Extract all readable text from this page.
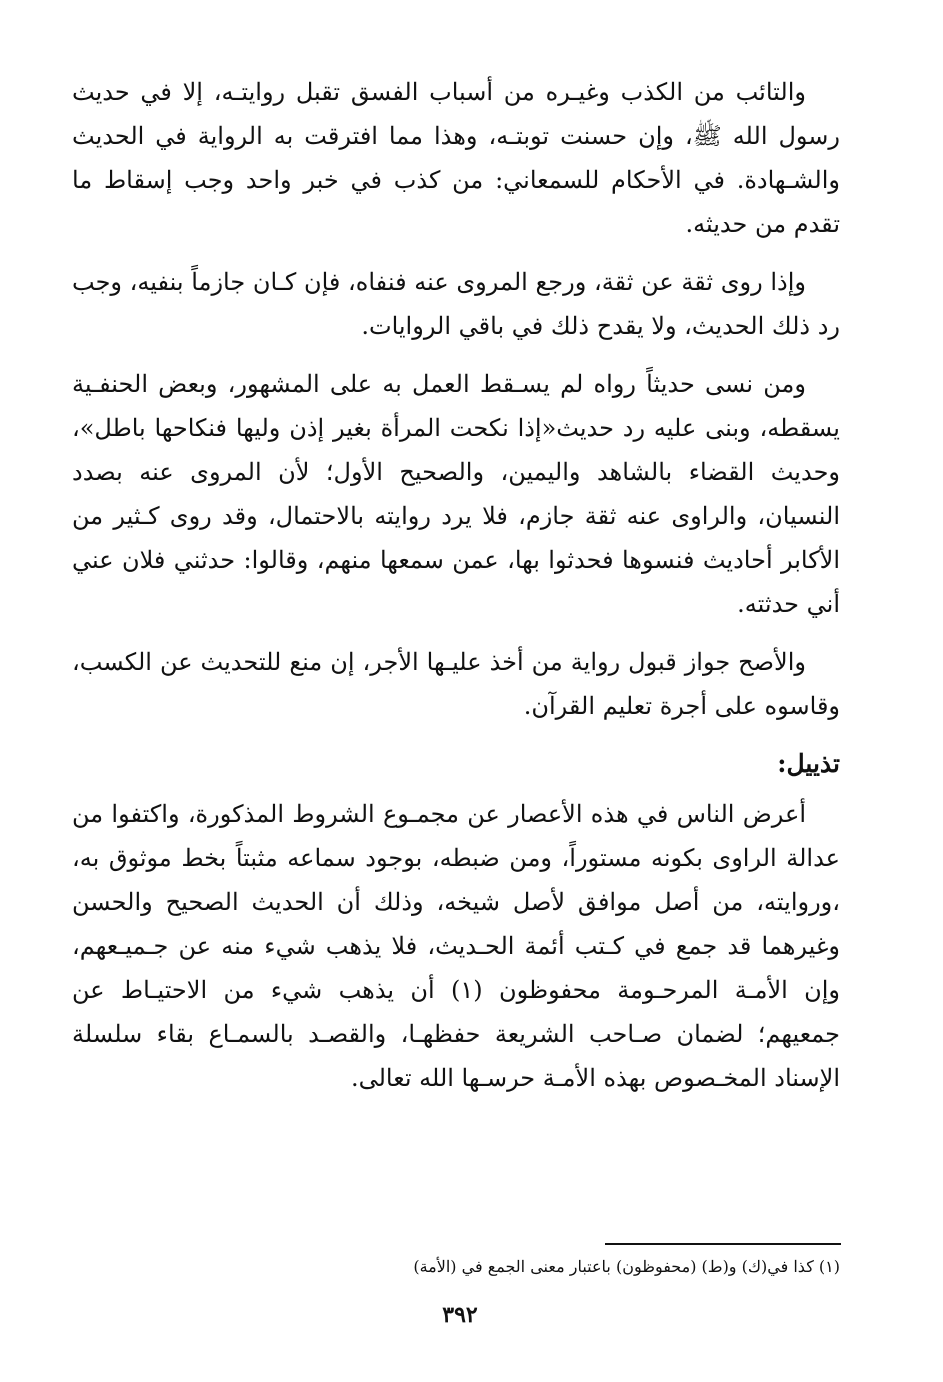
والتائب من الكذب وغيـره من أسباب الفسق تقبل روايتـه، إلا في حديث رسول الله ﷺ، وإن حسنت توبتـه، وهذا مما افترقت به الرواية في الحديث والشـهادة. في الأحكام للسمعاني: من كذب في خبر واحد وجب إسقاط ما تقدم من حديثه.

وإذا روى ثقة عن ثقة، ورجع المروى عنه فنفاه، فإن كـان جازماً بنفيه، وجب رد ذلك الحديث، ولا يقدح ذلك في باقي الروايات.

ومن نسى حديثاً رواه لم يسـقط العمل به على المشهور، وبعض الحنفـية يسقطه، وبنى عليه رد حديث«إذا نكحت المرأة بغير إذن وليها فنكاحها باطل»، وحديث القضاء بالشاهد واليمين، والصحيح الأول؛ لأن المروى عنه بصدد النسيان، والراوى عنه ثقة جازم، فلا يرد روايته بالاحتمال، وقد روى كـثير من الأكابر أحاديث فنسوها فحدثوا بها، عمن سمعها منهم، وقالوا: حدثني فلان عني أني حدثته.

والأصح جواز قبول رواية من أخذ عليـها الأجر، إن منع للتحديث عن الكسب، وقاسوه على أجرة تعليم القرآن.

تذييل:

أعرض الناس في هذه الأعصار عن مجمـوع الشروط المذكورة، واكتفوا من عدالة الراوى بكونه مستوراً، ومن ضبطه، بوجود سماعه مثبتاً بخط موثوق به، ،وروايته، من أصل موافق لأصل شيخه، وذلك أن الحديث الصحيح والحسن وغيرهما قد جمع في كـتب أئمة الحـديث، فلا يذهب شيء منه عن جـميـعهم، وإن الأمـة المرحـومة محفوظون (١) أن يذهب شيء من الاحتيـاط عن جمعيهم؛ لضمان صـاحب الشريعة حفظهـا، والقصـد بالسمـاع بقاء سلسلة الإسناد المخـصوص بهذه الأمـة حرسـها الله تعالى.

(١) كذا في(ك) و(ط) (محفوظون) باعتبار معنى الجمع في (الأمة)
٣٩٢
